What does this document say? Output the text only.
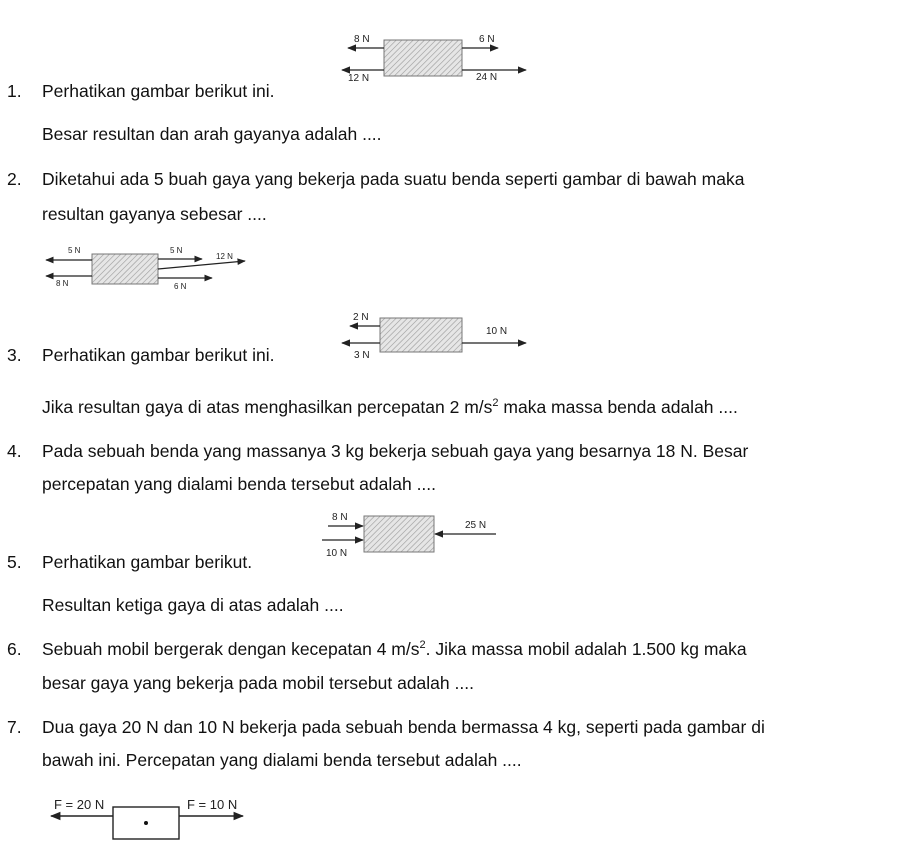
1. Perhatikan gambar berikut ini.
8 N
12 N
6 N
24 N
Besar resultan dan arah gayanya adalah ....
2. Diketahui ada 5 buah gaya yang bekerja pada suatu benda seperti gambar di bawah maka
resultan gayanya sebesar ....
5 N
8 N
5 N
12 N
6 N
3. Perhatikan gambar berikut ini.
2 N
3 N
10 N
Jika resultan gaya di atas menghasilkan percepatan 2 $m/s^2$ maka massa benda adalah ....
4. Pada sebuah benda yang massanya 3 kg bekerja sebuah gaya yang besarnya 18 N. Besar
percepatan yang dialami benda tersebut adalah ....
5. Perhatikan gambar berikut.
8 N
10 N
25 N
Resultan ketiga gaya di atas adalah ....
6. Sebuah mobil bergerak dengan kecepatan 4 $m/s^2$. Jika massa mobil adalah 1.500 kg maka
besar gaya yang bekerja pada mobil tersebut adalah ....
7. Dua gaya 20 N dan 10 N bekerja pada sebuah benda bermassa 4 kg, seperti pada gambar di
bawah ini. Percepatan yang dialami benda tersebut adalah ....
F = 20 N	F = 10 N
